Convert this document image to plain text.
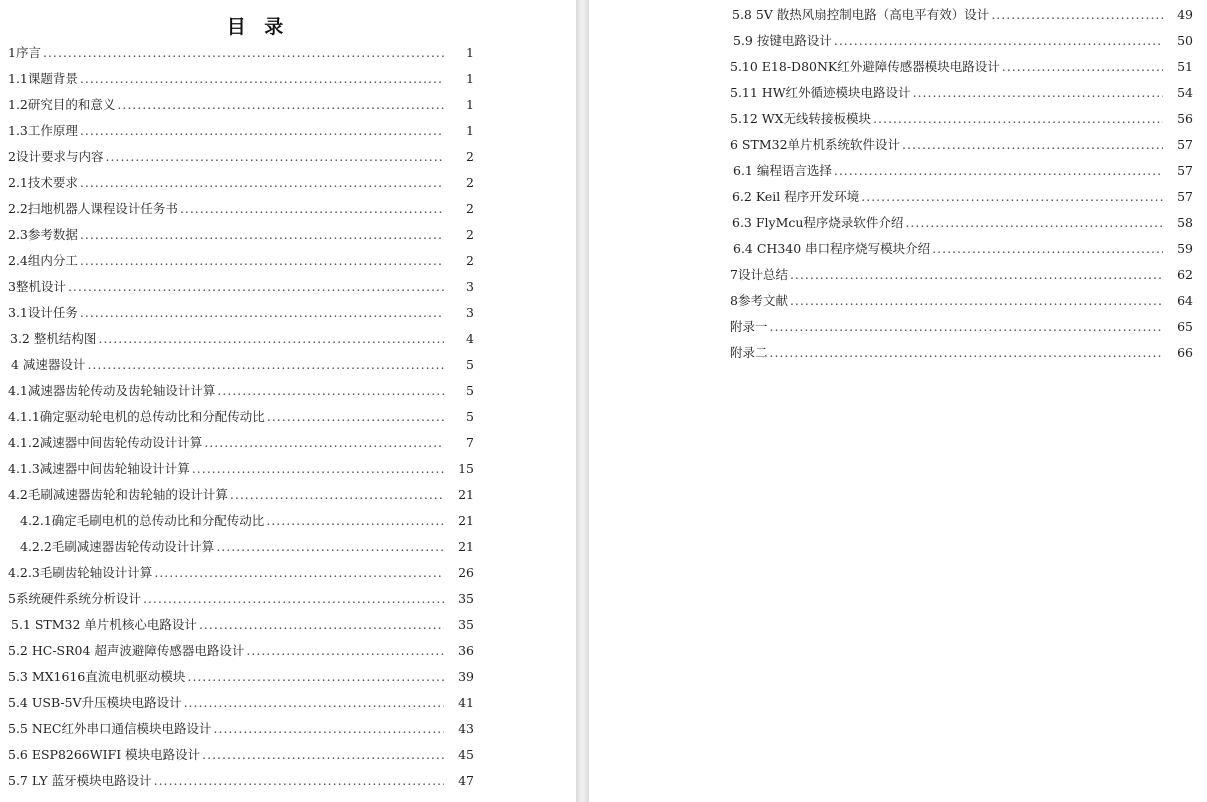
目 录
1序言 .....	1
1.1课题背景 .....	1
1.2研究目的和意义 .....	1
1.3工作原理 .....	1
2设计要求与内容 .....	2
2.1技术要求 .....	2
2.2扫地机器人课程设计任务书 .....	2
2.3参考数据 .....	2
2.4组内分工 .....	2
3整机设计 .....	3
3.1设计任务 .....	3
3.2 整机结构图 .....	4
4 减速器设计 .....	5
4.1减速器齿轮传动及齿轮轴设计计算 .....	5
4.1.1确定驱动轮电机的总传动比和分配传动比 .....	5
4.1.2减速器中间齿轮传动设计计算 .....	7
4.1.3减速器中间齿轮轴设计计算 .....	15
4.2毛刷减速器齿轮和齿轮轴的设计计算 .....	21
4.2.1确定毛刷电机的总传动比和分配传动比 .....	21
4.2.2毛刷减速器齿轮传动设计计算 .....	21
4.2.3毛刷齿轮轴设计计算 .....	26
5系统硬件系统分析设计 .....	35
5.1 STM32 单片机核心电路设计 .....	35
5.2 HC-SR04 超声波避障传感器电路设计 .....	36
5.3 MX1616直流电机驱动模块 .....	39
5.4 USB-5V升压模块电路设计 .....	41
5.5 NEC红外串口通信模块电路设计 .....	43
5.6 ESP8266WIFI 模块电路设计 .....	45
5.7 LY 蓝牙模块电路设计 .....	47
5.8 5V 散热风扇控制电路（高电平有效）设计 .....	49
5.9 按键电路设计 .....	50
5.10 E18-D80NK红外避障传感器模块电路设计 .....	51
5.11 HW红外循迹模块电路设计 .....	54
5.12 WX无线转接板模块 .....	56
6 STM32单片机系统软件设计 .....	57
6.1 编程语言选择 .....	57
6.2 Keil 程序开发环境 .....	57
6.3 FlyMcu程序烧录软件介绍 .....	58
6.4 CH340 串口程序烧写模块介绍 .....	59
7设计总结 .....	62
8参考文献 .....	64
附录一 .....	65
附录二 .....	66
